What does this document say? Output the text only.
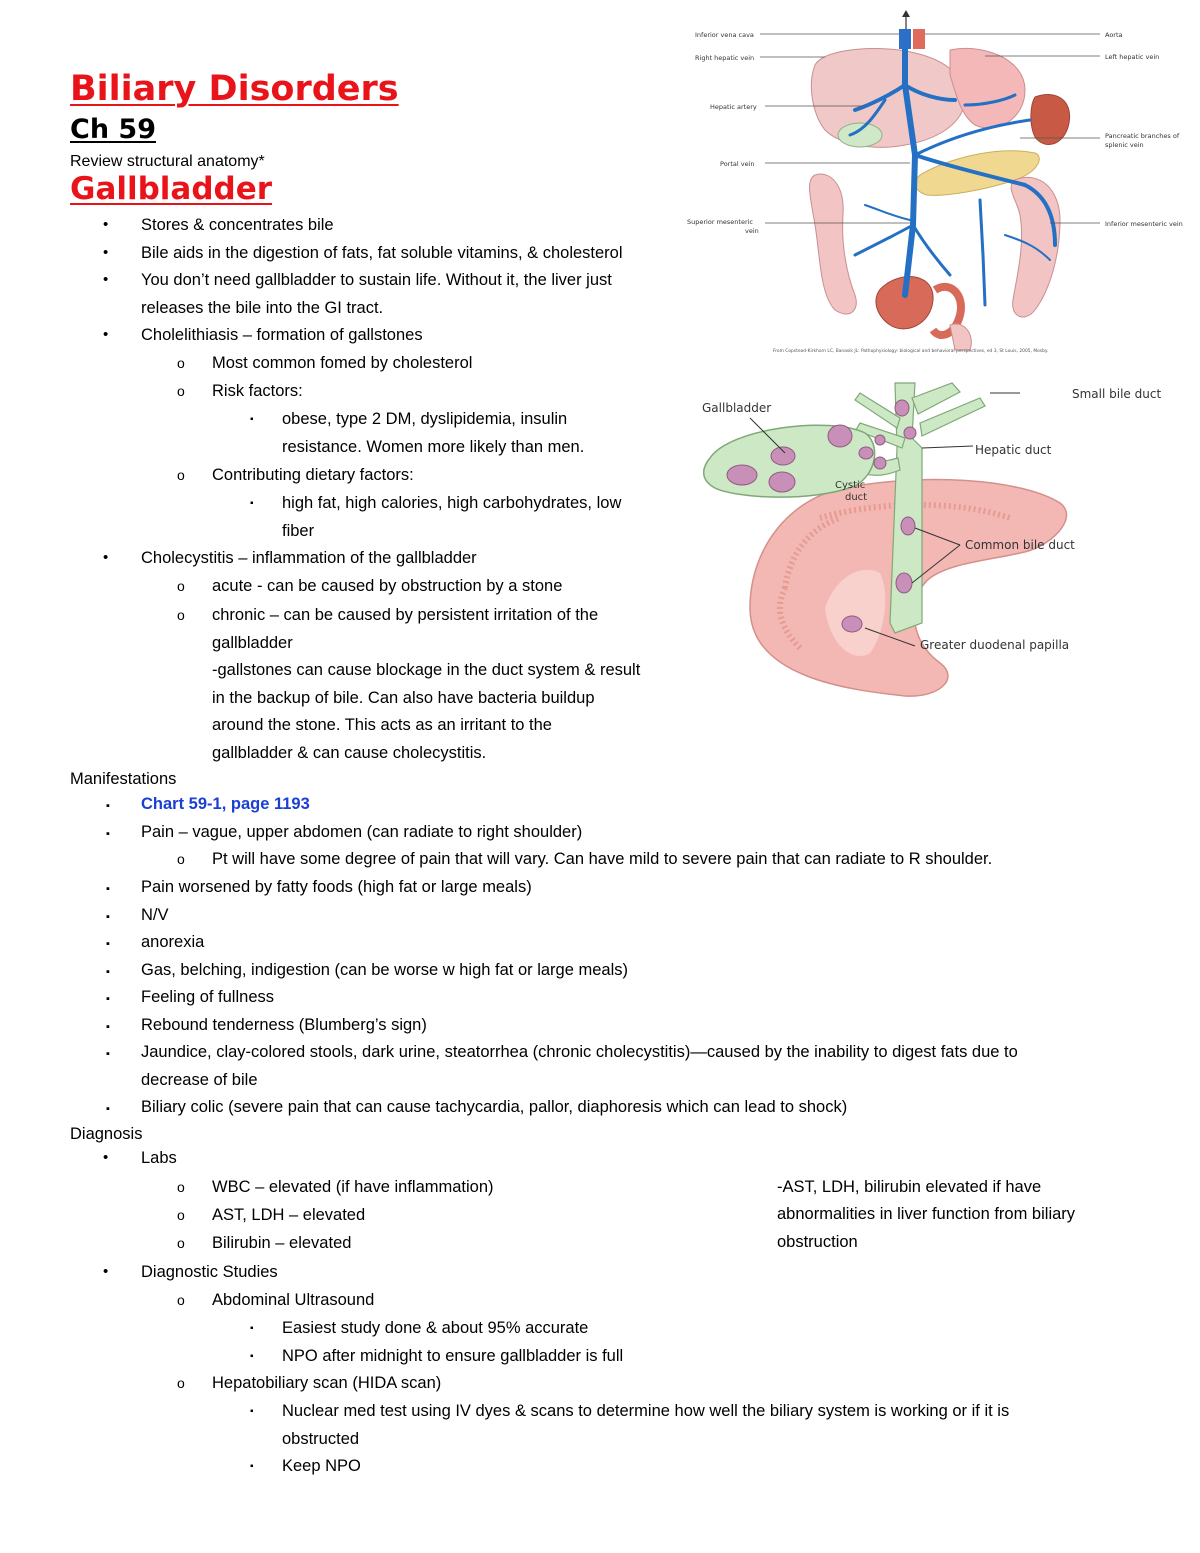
Biliary Disorders
Ch 59
Review structural anatomy*
Gallbladder
• Stores & concentrates bile
• Bile aids in the digestion of fats, fat soluble vitamins, & cholesterol
• You don’t need gallbladder to sustain life. Without it, the liver just
releases the bile into the GI tract.
• Cholelithiasis – formation of gallstones
o Most common fomed by cholesterol
o Risk factors:
▪ obese, type 2 DM, dyslipidemia, insulin
resistance. Women more likely than men.
o Contributing dietary factors:
▪ high fat, high calories, high carbohydrates, low
fiber
• Cholecystitis – inflammation of the gallbladder
o acute - can be caused by obstruction by a stone
o chronic – can be caused by persistent irritation of the
gallbladder
-gallstones can cause blockage in the duct system & result
in the backup of bile. Can also have bacteria buildup
around the stone. This acts as an irritant to the
gallbladder & can cause cholecystitis.
Manifestations
▪ Chart 59-1, page 1193
▪ Pain – vague, upper abdomen (can radiate to right shoulder)
o Pt will have some degree of pain that will vary. Can have mild to severe pain that can radiate to R shoulder.
▪ Pain worsened by fatty foods (high fat or large meals)
▪ N/V
▪ anorexia
▪ Gas, belching, indigestion (can be worse w high fat or large meals)
▪ Feeling of fullness
▪ Rebound tenderness (Blumberg’s sign)
▪ Jaundice, clay-colored stools, dark urine, steatorrhea (chronic cholecystitis)—caused by the inability to digest fats due to
decrease of bile
▪ Biliary colic (severe pain that can cause tachycardia, pallor, diaphoresis which can lead to shock)
Diagnosis
• Labs
o WBC – elevated (if have inflammation)
o AST, LDH – elevated
o Bilirubin – elevated
-AST, LDH, bilirubin elevated if have
abnormalities in liver function from biliary
obstruction
• Diagnostic Studies
o Abdominal Ultrasound
▪ Easiest study done & about 95% accurate
▪ NPO after midnight to ensure gallbladder is full
o Hepatobiliary scan (HIDA scan)
▪ Nuclear med test using IV dyes & scans to determine how well the biliary system is working or if it is
obstructed
▪ Keep NPO
Inferior vena cava
Right hepatic vein
Hepatic artery
Portal vein
Superior mesenteric
vein
Aorta
Left hepatic vein
Pancreatic branches of
splenic vein
Inferior mesenteric vein
From Copstead-Kirkhorn LC, Banasik JL: Pathophysiology: biological and behavioral perspectives, ed 3, St Louis, 2005, Mosby.
Gallbladder
Small bile duct
Hepatic duct
Cystic
duct
Common bile duct
Greater duodenal papilla
